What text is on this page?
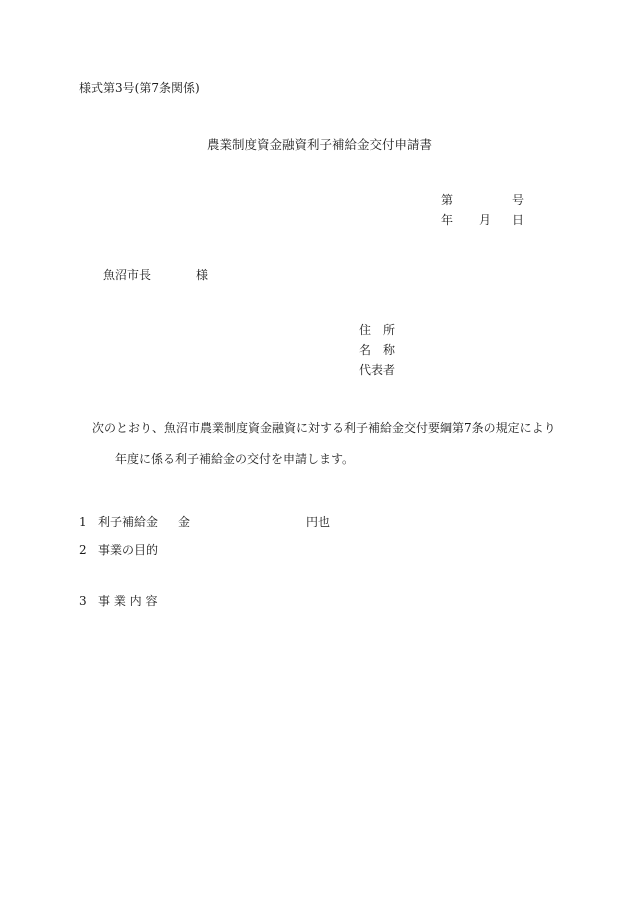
様式第3号(第7条関係)
農業制度資金融資利子補給金交付申請書
第	号
年 月 日
魚沼市長	様
住　所
名　称
代表者
次のとおり、魚沼市農業制度資金融資に対する利子補給金交付要綱第7条の規定により
年度に係る利子補給金の交付を申請します。
1 利子補給金 金	円也
2 事業の目的
3 事 業 内 容
